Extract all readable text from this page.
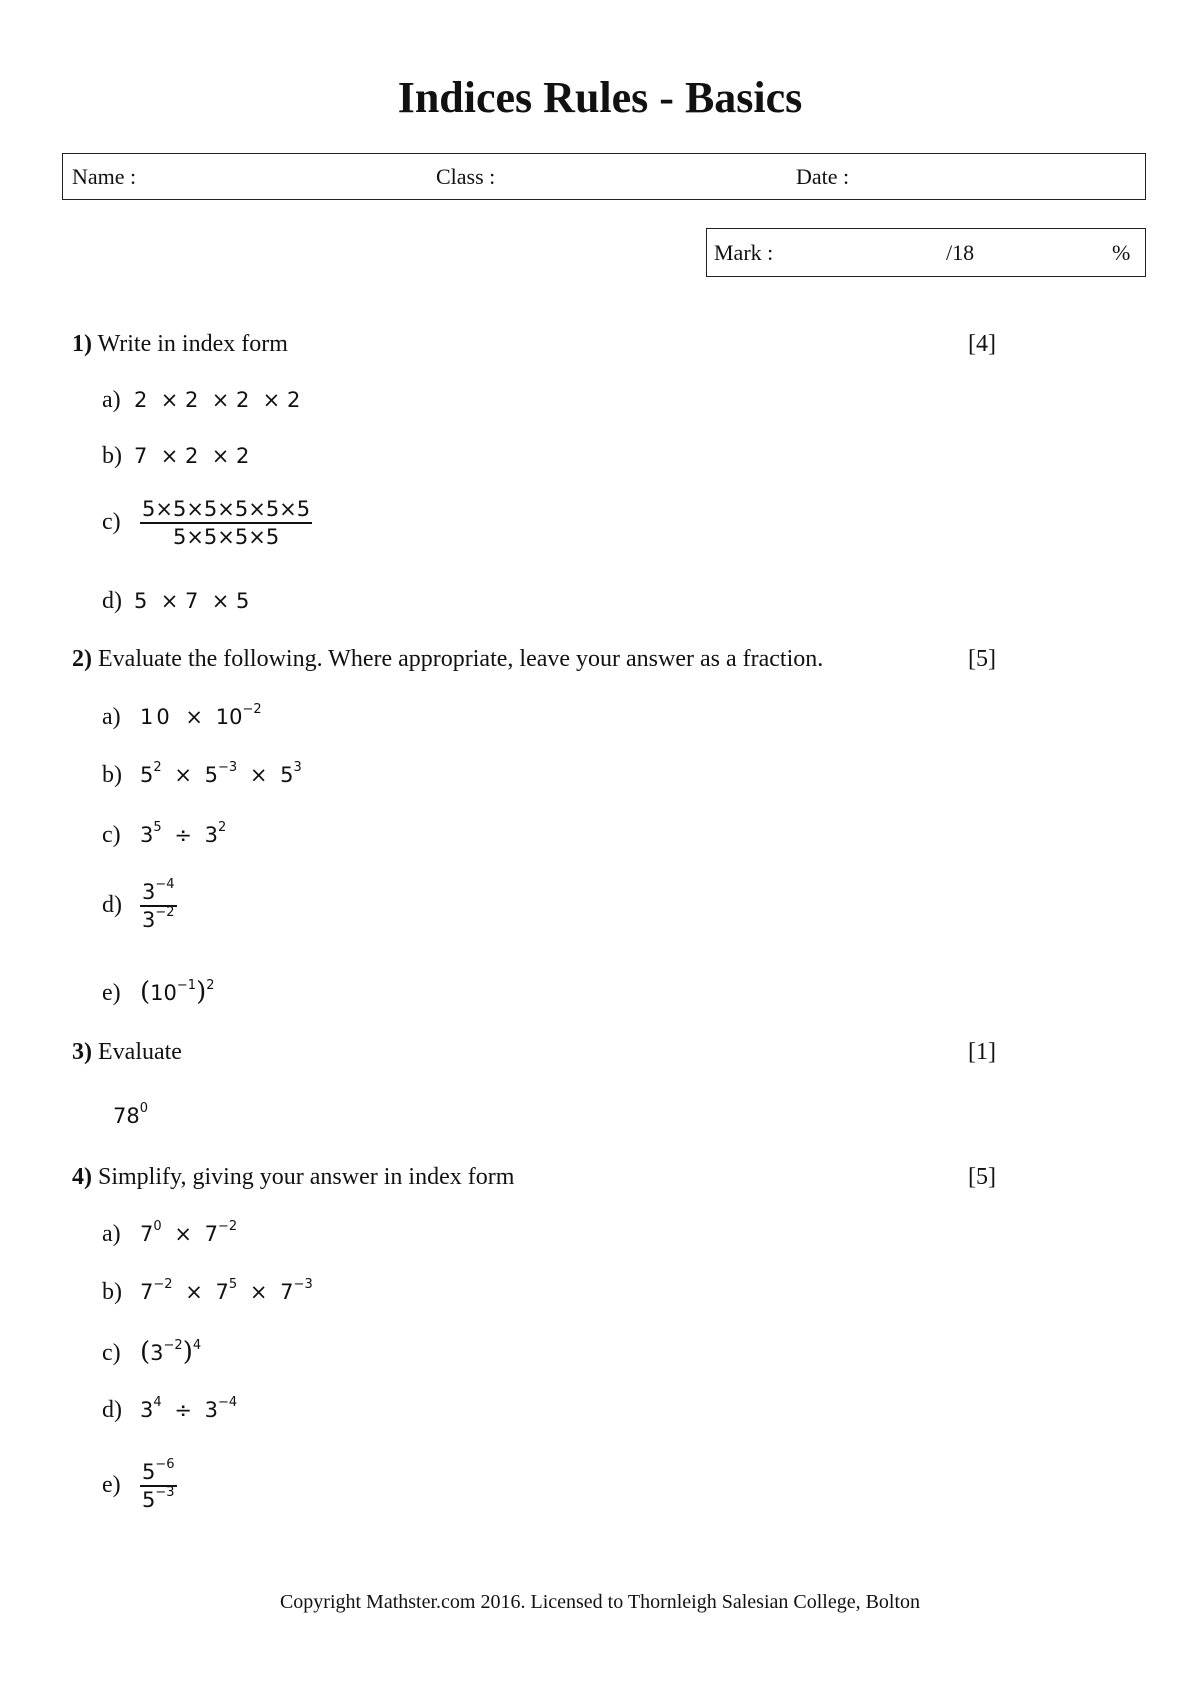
Indices Rules - Basics
Name :	Class :	Date :
Mark :	/18	%
1) Write in index form	[4]
a) 2  × 2  × 2  × 2
b) 7  × 2  × 2
$c) \frac{5\times 5\times 5\times 5\times 5\times 5}{5\times 5\times 5\times 5}$
d) 5  × 7  × 5
2) Evaluate the following. Where appropriate, leave your answer as a fraction.	[5]
a) $10 \times 10^{-2}$
b) $5^2 \times 5^{-3} \times 5^3$
c) $3^5 \div 3^2$
$d) \frac{3^{-4}}{3^{-2}}$
e) $(10^{-1})^2$
3) Evaluate	[1]
$78^0$
4) Simplify, giving your answer in index form	[5]
a) $7^0 \times 7^{-2}$
b) $7^{-2} \times 7^5 \times 7^{-3}$
c) $(3^{-2})^4$
d) $3^4 \div 3^{-4}$
$e) \frac{5^{-6}}{5^{-3}}$
Copyright Mathster.com 2016. Licensed to Thornleigh Salesian College, Bolton
